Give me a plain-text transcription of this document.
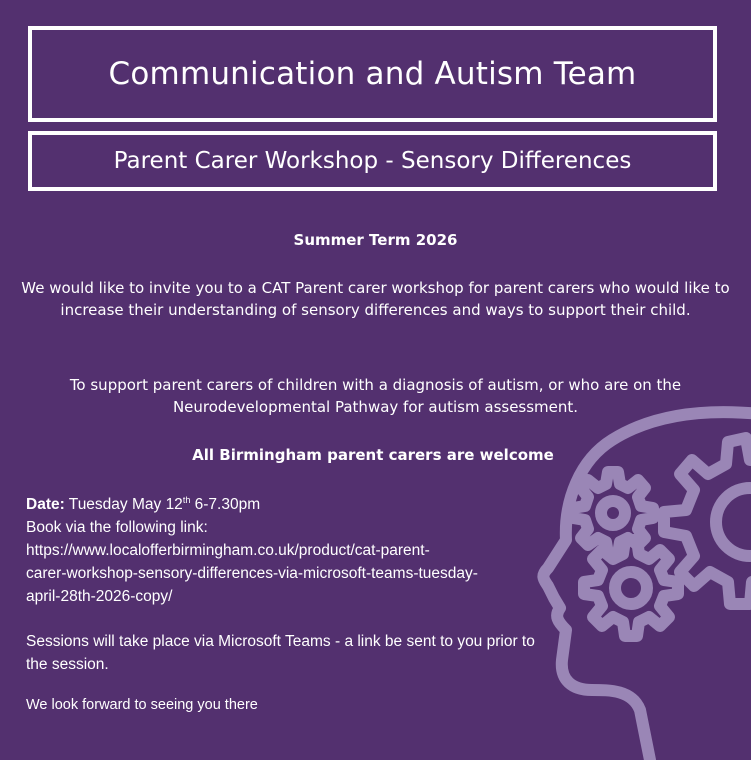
Communication and Autism Team
Parent Carer Workshop - Sensory Differences
Summer Term 2026
We would like to invite you to a CAT Parent carer workshop for parent carers who would like to increase their understanding of sensory differences and ways to support their child.
To support parent carers of children with a diagnosis of autism, or who are on the Neurodevelopmental Pathway for autism assessment.
All Birmingham parent carers are welcome
Date: Tuesday May 12th 6-7.30pm
Book via the following link:
https://www.localofferbirmingham.co.uk/product/cat-parent-
carer-workshop-sensory-differences-via-microsoft-teams-tuesday-
april-28th-2026-copy/
Sessions will take place via Microsoft Teams - a link be sent to you prior to the session.
We look forward to seeing you there
